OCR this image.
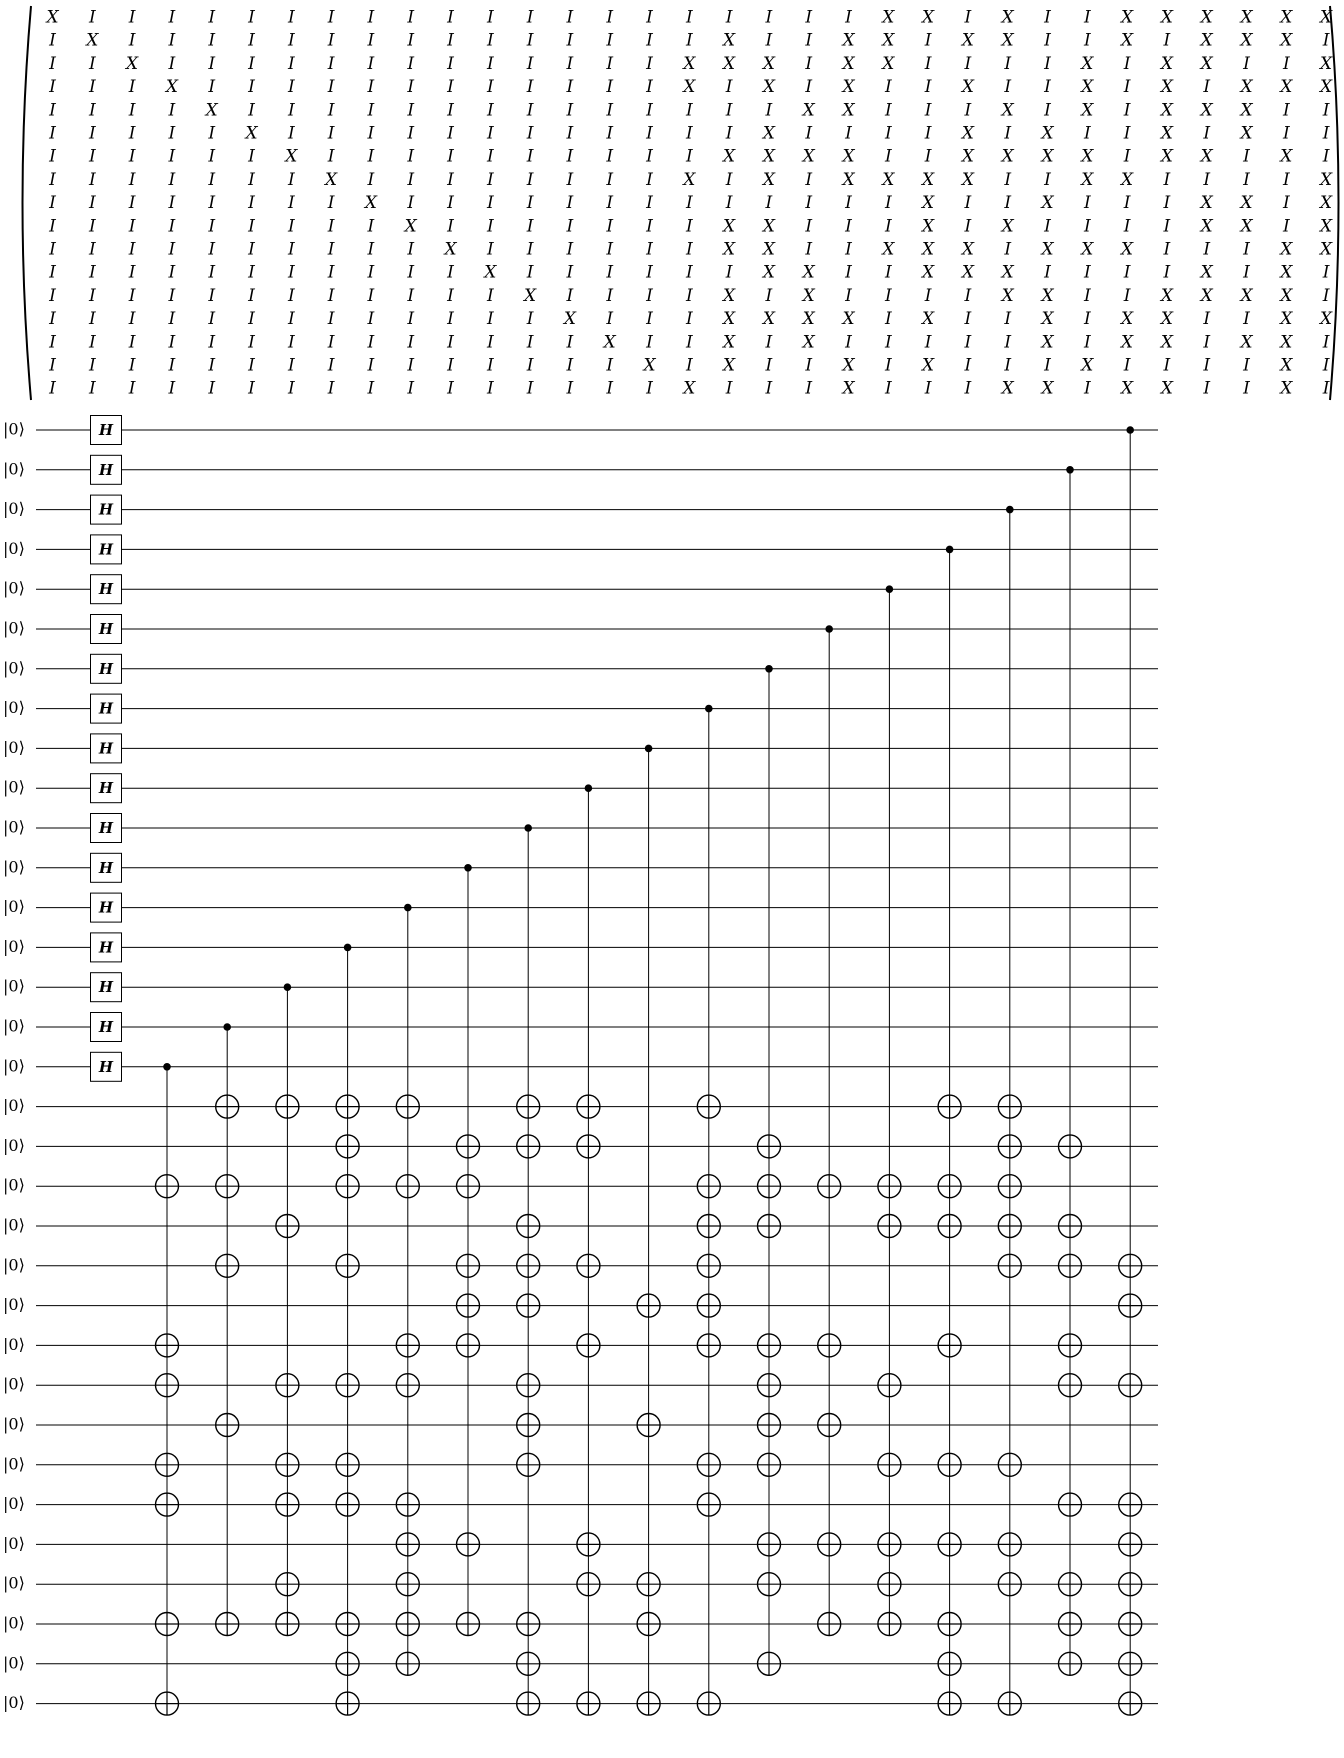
X I I I I I I I I I I I I I I I I I I I I X X I X I I X X X X X X
I X I I I I I I I I I I I I I I I X I I X X I X X I I X I X X X I
I I X I I I I I I I I I I I I I X X X I X X I I I I X I X X I I X
I I I X I I I I I I I I I I I I X I X I X I I X I I X I X I X X X
I I I I X I I I I I I I I I I I I I I X X I I I X I X I X X X I I
I I I I I X I I I I I I I I I I I I X I I I I X I X I I X I X I I
I I I I I I X I I I I I I I I I I X X X X I I X X X X I X X I X I
I I I I I I I X I I I I I I I I X I X I X X X X I I X X I I I I X
I I I I I I I I X I I I I I I I I I I I I I X I I X I I I X X I X
I I I I I I I I I X I I I I I I I X X I I I X I X I I I I X X I X
I I I I I I I I I I X I I I I I I X X I I X X X I X X X I I I X X
I I I I I I I I I I I X I I I I I I X X I I X X X I I I I X I X I
I I I I I I I I I I I I X I I I I X I X I I I I X X I I X X X X I
I I I I I I I I I I I I I X I I I X X X X I X I I X I X X I I X X
I I I I I I I I I I I I I I X I I X I X I I I I I X I X X I X X I
I I I I I I I I I I I I I I I X I X I I X I X I I I X I I I I X I
I I I I I I I I I I I I I I I I X I I I X I I I X X I X X I I X I
|0⟩
|0⟩
|0⟩
|0⟩
|0⟩
|0⟩
|0⟩
|0⟩
|0⟩
|0⟩
|0⟩
|0⟩
|0⟩
|0⟩
|0⟩
|0⟩
|0⟩
|0⟩
|0⟩
|0⟩
|0⟩
|0⟩
|0⟩
|0⟩
|0⟩
|0⟩
|0⟩
|0⟩
|0⟩
|0⟩
|0⟩
|0⟩
|0⟩
H
H
H
H
H
H
H
H
H
H
H
H
H
H
H
H
H
